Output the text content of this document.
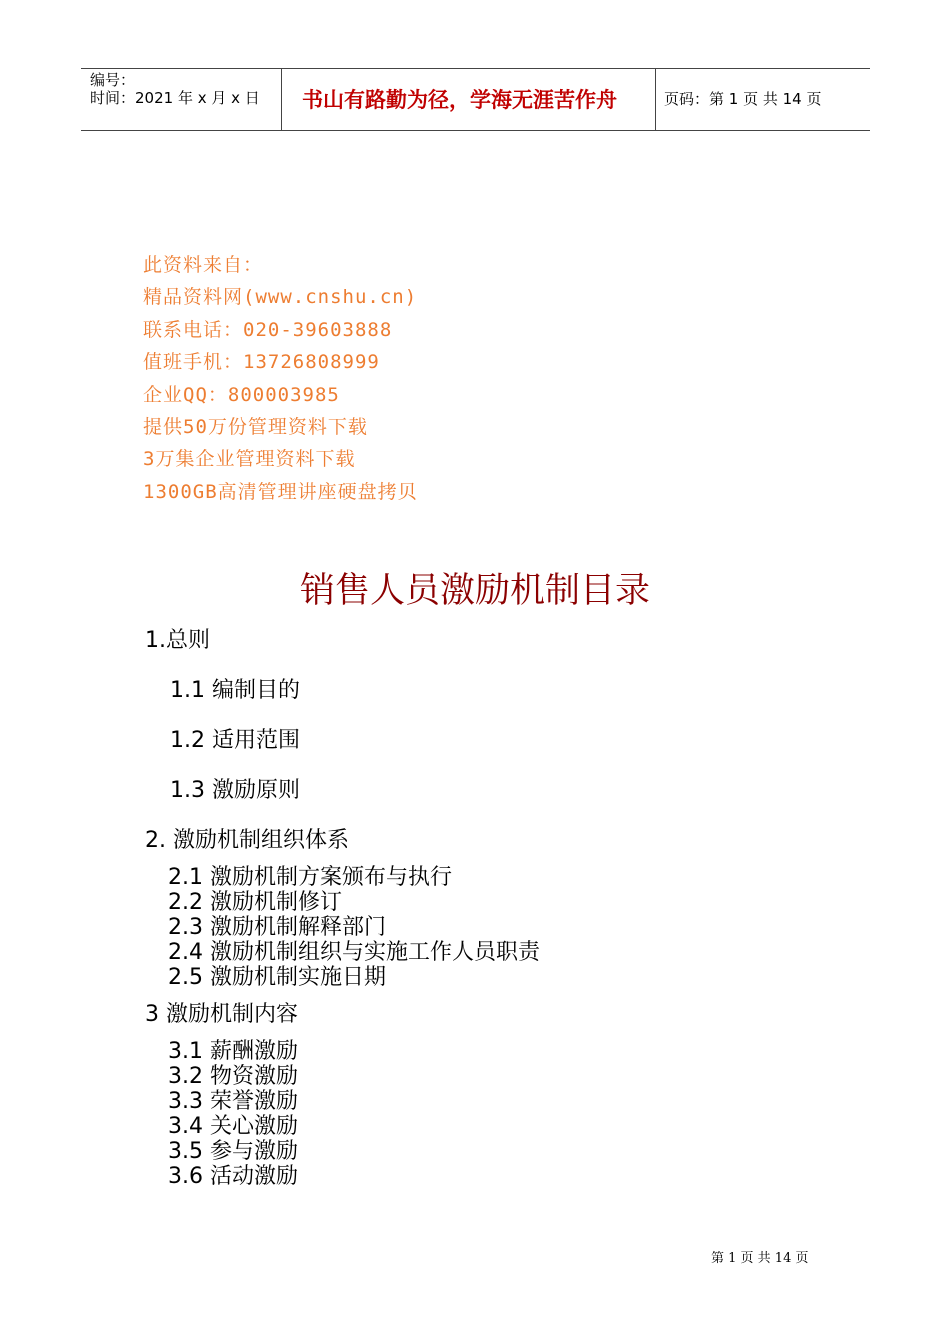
编号：
时间：2021 年 x 月 x 日 书山有路勤为径，学海无涯苦作舟	页码：第 1 页 共 14 页
此资料来自：
精品资料网(www.cnshu.cn)
联系电话：020-39603888
值班手机：13726808999
企业QQ：800003985
提供50万份管理资料下载
3万集企业管理资料下载
1300GB高清管理讲座硬盘拷贝
销售人员激励机制目录
1.总则
1.1 编制目的
1.2 适用范围
1.3 激励原则
2. 激励机制组织体系
2.1 激励机制方案颁布与执行
2.2 激励机制修订
2.3 激励机制解释部门
2.4 激励机制组织与实施工作人员职责
2.5 激励机制实施日期
3 激励机制内容
3.1 薪酬激励
3.2 物资激励
3.3 荣誉激励
3.4 关心激励
3.5 参与激励
3.6 活动激励
第 1 页 共 14 页
